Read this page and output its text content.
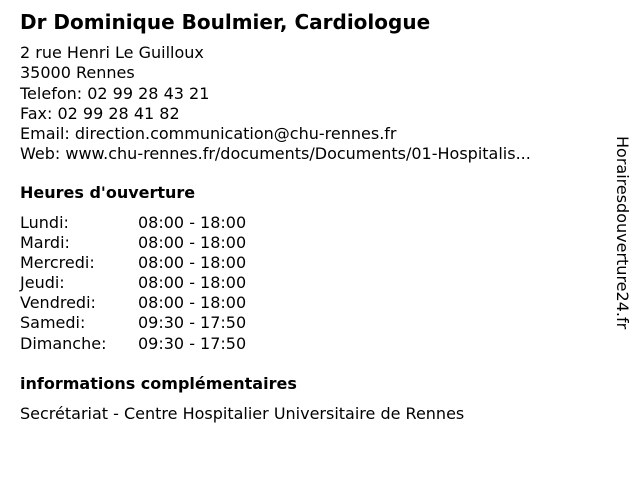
Dr Dominique Boulmier, Cardiologue
2 rue Henri Le Guilloux
35000 Rennes
Telefon: 02 99 28 43 21
Fax: 02 99 28 41 82
Email: direction.communication@chu-rennes.fr
Web: www.chu-rennes.fr/documents/Documents/01-Hospitalis...
Heures d'ouverture
Lundi:	08:00 - 18:00
Mardi:	08:00 - 18:00
Mercredi:	08:00 - 18:00
Jeudi:	08:00 - 18:00
Vendredi:	08:00 - 18:00
Samedi:	09:30 - 17:50
Dimanche: 09:30 - 17:50
informations complémentaires
Secrétariat - Centre Hospitalier Universitaire de Rennes
Horairesdouverture24.fr
